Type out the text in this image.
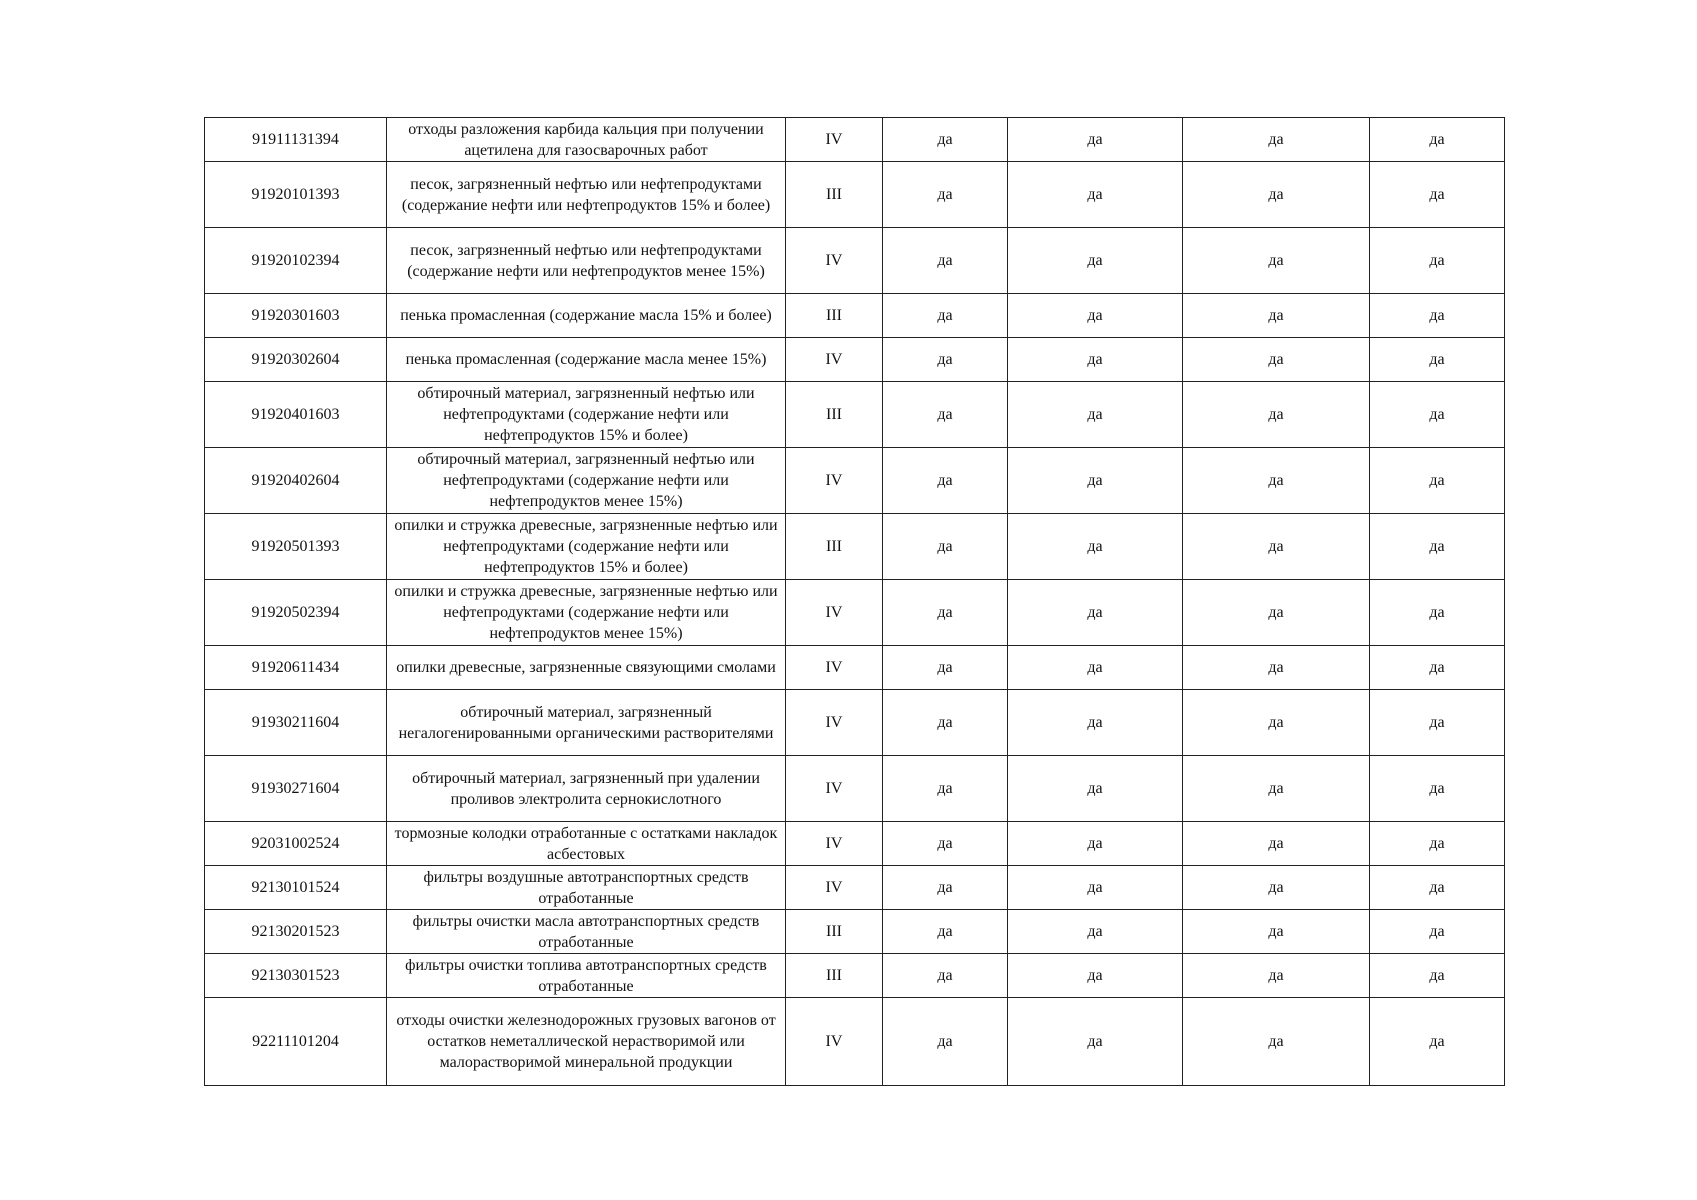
91911131394	отходы разложения карбида кальция при получении ацетилена для газосварочных работ	IV	да	да	да	да
91920101393	песок, загрязненный нефтью или нефтепродуктами (содержание нефти или нефтепродуктов 15% и более)	III	да	да	да	да
91920102394	песок, загрязненный нефтью или нефтепродуктами (содержание нефти или нефтепродуктов менее 15%)	IV	да	да	да	да
91920301603	пенька промасленная (содержание масла 15% и более)	III	да	да	да	да
91920302604	пенька промасленная (содержание масла менее 15%)	IV	да	да	да	да
91920401603	обтирочный материал, загрязненный нефтью или нефтепродуктами (содержание нефти или нефтепродуктов 15% и более)	III	да	да	да	да
91920402604	обтирочный материал, загрязненный нефтью или нефтепродуктами (содержание нефти или нефтепродуктов менее 15%)	IV	да	да	да	да
91920501393	опилки и стружка древесные, загрязненные нефтью или нефтепродуктами (содержание нефти или нефтепродуктов 15% и более)	III	да	да	да	да
91920502394	опилки и стружка древесные, загрязненные нефтью или нефтепродуктами (содержание нефти или нефтепродуктов менее 15%)	IV	да	да	да	да
91920611434	опилки древесные, загрязненные связующими смолами	IV	да	да	да	да
91930211604	обтирочный материал, загрязненный негалогенированными органическими растворителями	IV	да	да	да	да
91930271604	обтирочный материал, загрязненный при удалении проливов электролита сернокислотного	IV	да	да	да	да
92031002524	тормозные колодки отработанные с остатками накладок асбестовых	IV	да	да	да	да
92130101524	фильтры воздушные автотранспортных средств отработанные	IV	да	да	да	да
92130201523	фильтры очистки масла автотранспортных средств отработанные	III	да	да	да	да
92130301523	фильтры очистки топлива автотранспортных средств отработанные	III	да	да	да	да
92211101204	отходы очистки железнодорожных грузовых вагонов от остатков неметаллической нерастворимой или малорастворимой минеральной продукции	IV	да	да	да	да
